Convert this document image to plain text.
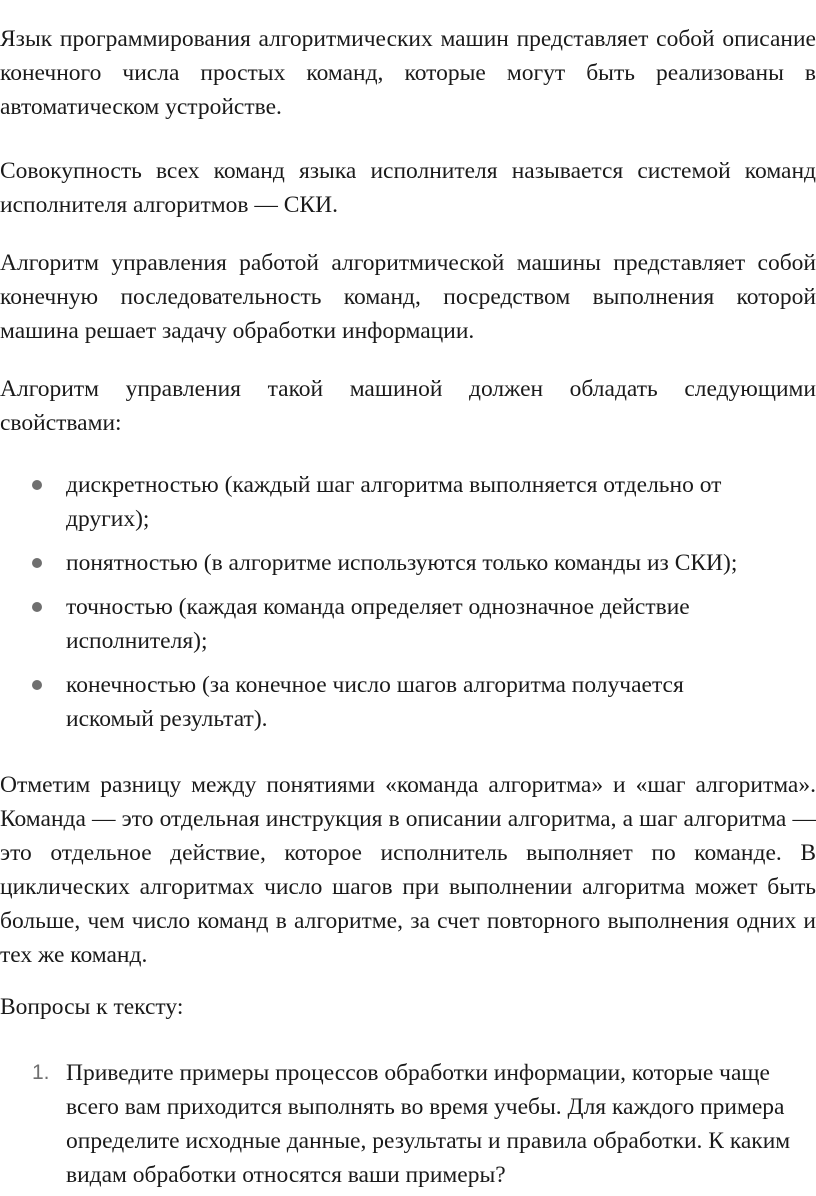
Язык программирования алгоритмических машин представляет собой описание конечного числа простых команд, которые могут быть реализованы в автоматическом устройстве.

Совокупность всех команд языка исполнителя называется системой команд исполнителя алгоритмов — СКИ.

Алгоритм управления работой алгоритмической машины представляет собой конечную последовательность команд, посредством выполнения которой машина решает задачу обработки информации.

Алгоритм управления такой машиной должен обладать следующими свойствами:

дискретностью (каждый шаг алгоритма выполняется отдельно от других);
понятностью (в алгоритме используются только команды из СКИ);
точностью (каждая команда определяет однозначное действие исполнителя);
конечностью (за конечное число шагов алгоритма получается искомый результат).

Отметим разницу между понятиями «команда алгоритма» и «шаг алгоритма». Команда — это отдельная инструкция в описании алгоритма, а шаг алгоритма — это отдельное действие, которое исполнитель выполняет по команде. В циклических алгоритмах число шагов при выполнении алгоритма может быть больше, чем число команд в алгоритме, за счет повторного выполнения одних и тех же команд.

Вопросы к тексту:

1. Приведите примеры процессов обработки информации, которые чаще всего вам приходится выполнять во время учебы. Для каждого примера определите исходные данные, результаты и правила обработки. К каким видам обработки относятся ваши примеры?
